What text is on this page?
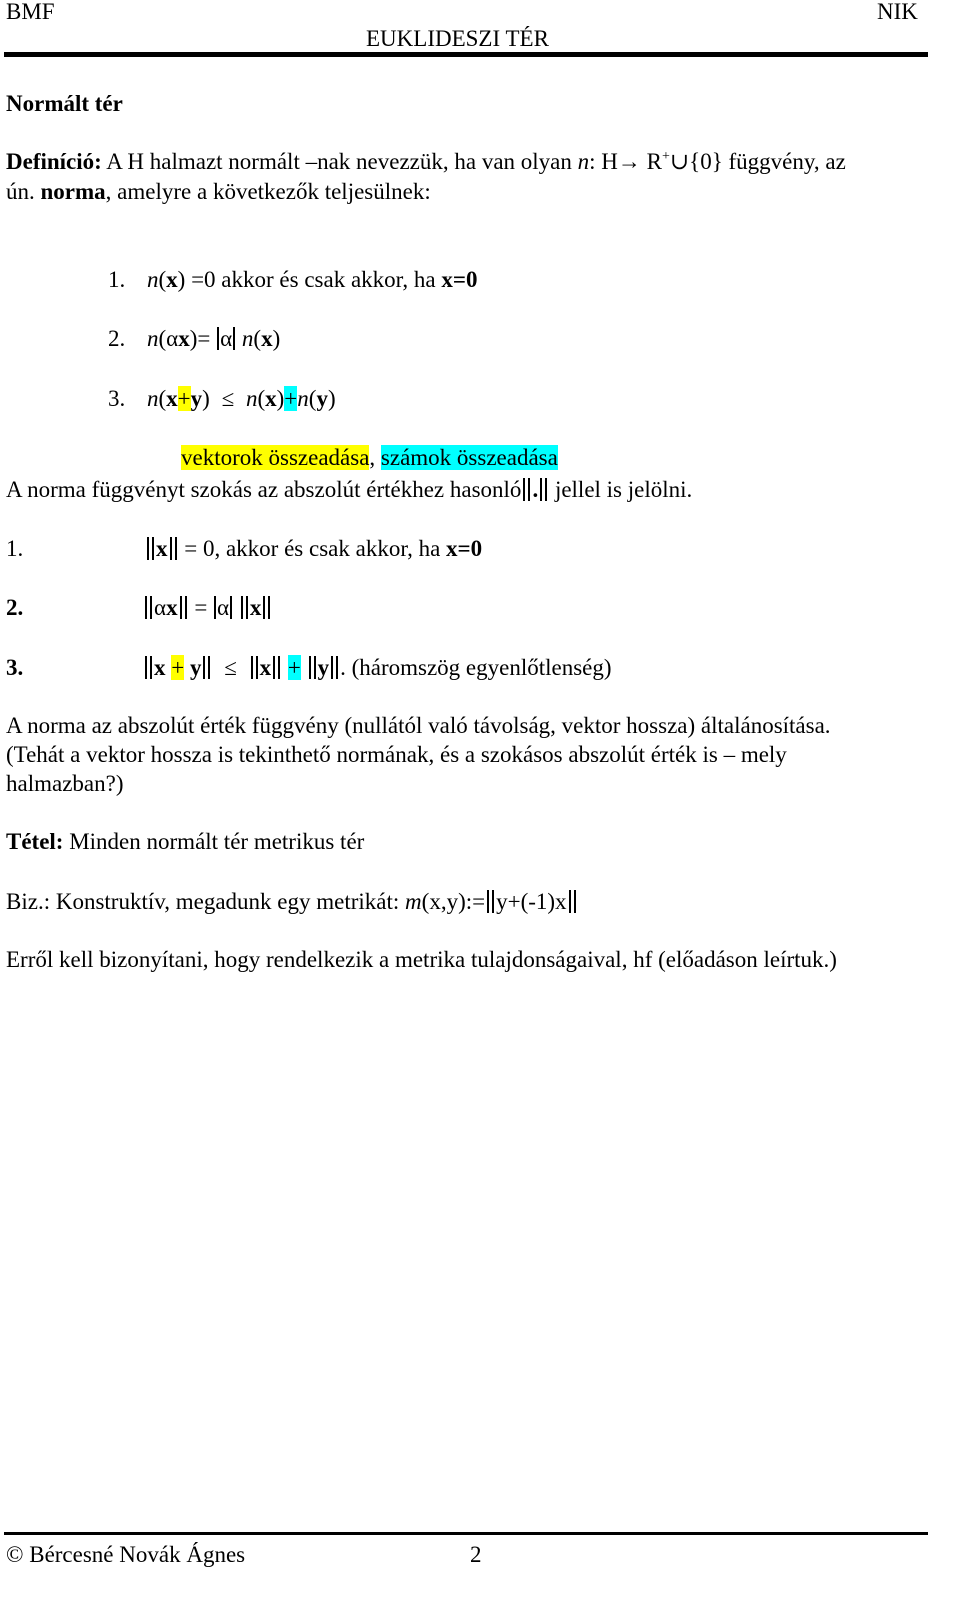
BMF	NIK
EUKLIDESZI TÉR
Normált tér
Definíció: A H halmazt normált –nak nevezzük, ha van olyan n: H→ R+∪{0} függvény, az
ún. norma, amelyre a következők teljesülnek:
1. n(x) =0 akkor és csak akkor, ha x=0
2. n(αx)= α n(x)
3. n(x+y) ≤ n(x)+n(y)
vektorok összeadása, számok összeadása
A norma függvényt szokás az abszolút értékhez hasonló . jellel is jelölni.
1.	x = 0, akkor és csak akkor, ha x=0
2.	αx = α x
3.	x + y ≤ x + y . (háromszög egyenlőtlenség)
A norma az abszolút érték függvény (nullától való távolság, vektor hossza) általánosítása.
(Tehát a vektor hossza is tekinthető normának, és a szokásos abszolút érték is – mely
halmazban?)
Tétel: Minden normált tér metrikus tér
Biz.: Konstruktív, megadunk egy metrikát: m(x,y):= y+(-1)x
Erről kell bizonyítani, hogy rendelkezik a metrika tulajdonságaival, hf (előadáson leírtuk.)
© Bércesné Novák Ágnes	2
